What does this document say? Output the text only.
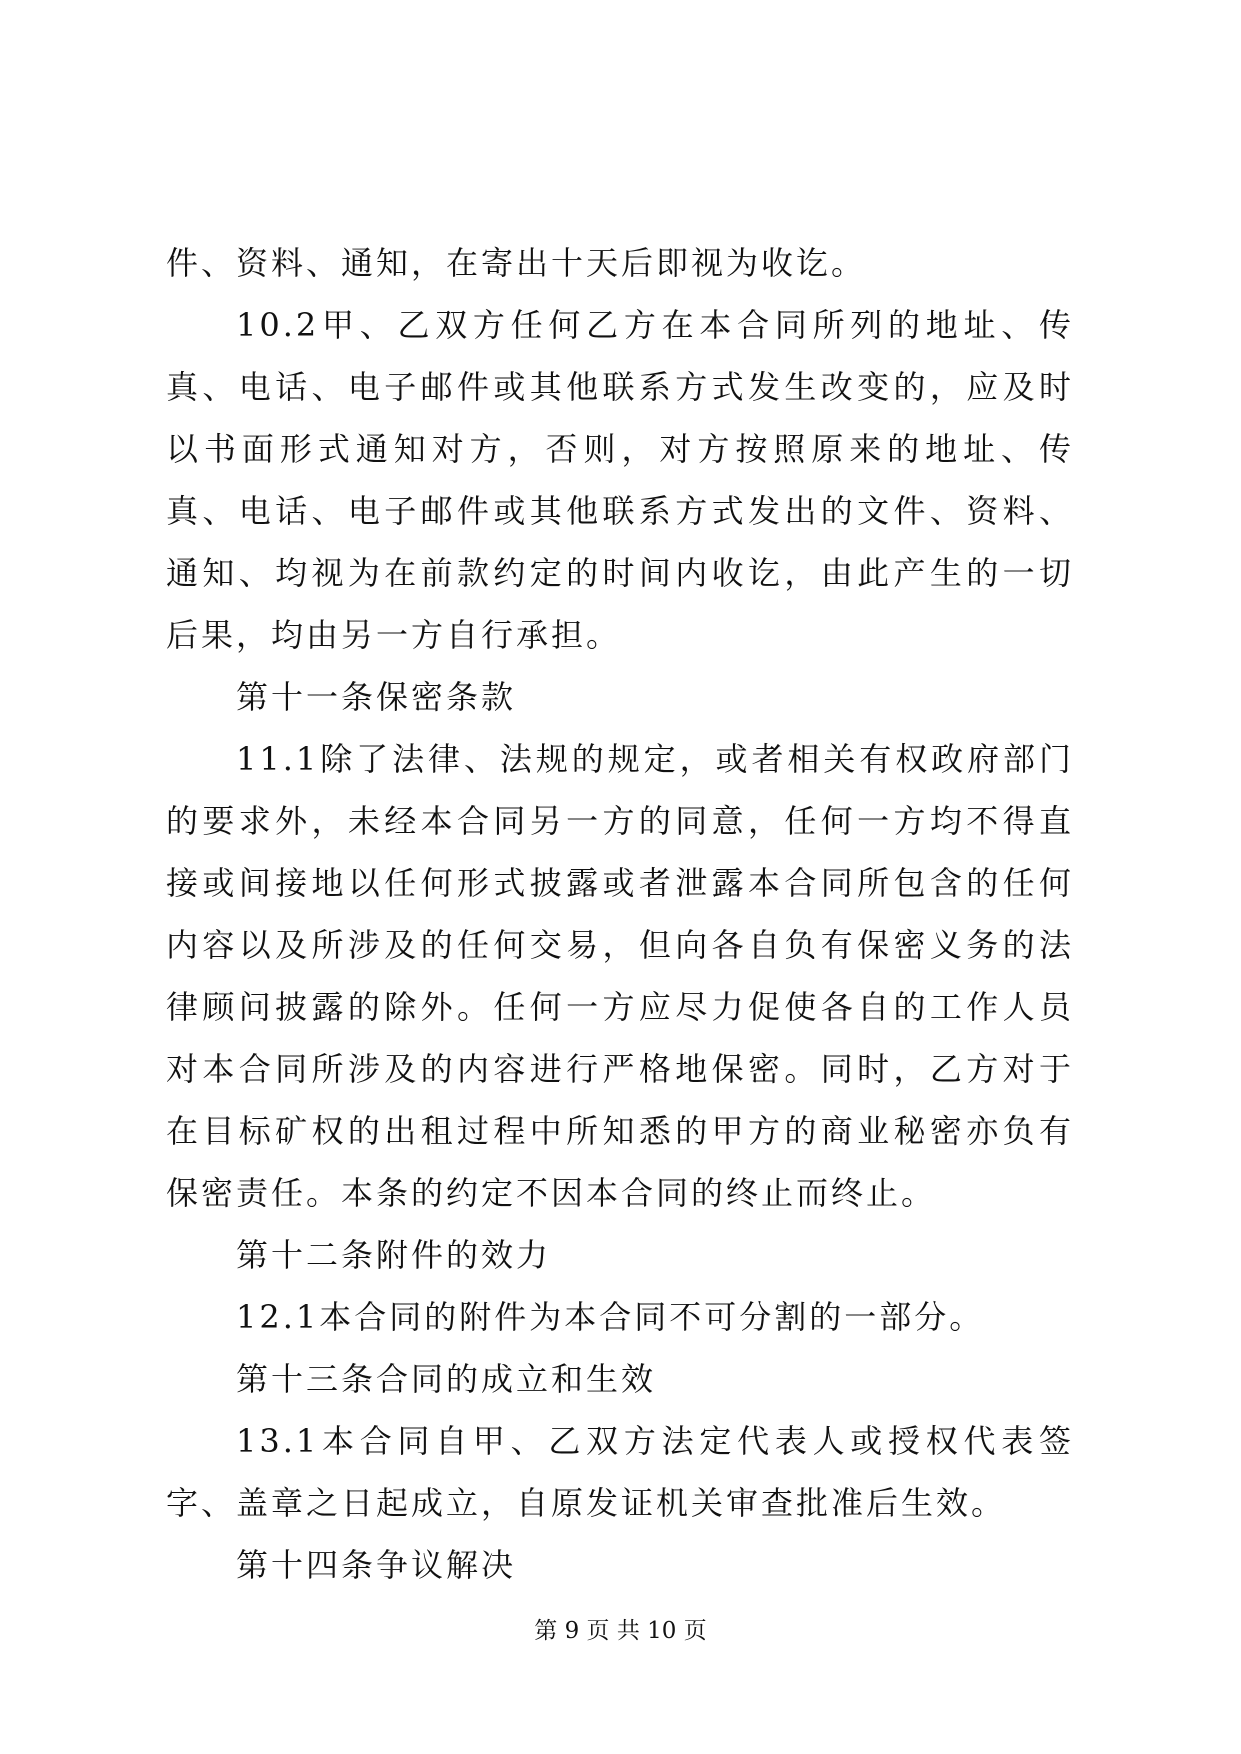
件、资料、通知，在寄出十天后即视为收讫。

10.2甲、乙双方任何乙方在本合同所列的地址、传真、电话、电子邮件或其他联系方式发生改变的，应及时以书面形式通知对方，否则，对方按照原来的地址、传真、电话、电子邮件或其他联系方式发出的文件、资料、通知、均视为在前款约定的时间内收讫，由此产生的一切后果，均由另一方自行承担。

第十一条保密条款

11.1除了法律、法规的规定，或者相关有权政府部门的要求外，未经本合同另一方的同意，任何一方均不得直接或间接地以任何形式披露或者泄露本合同所包含的任何内容以及所涉及的任何交易，但向各自负有保密义务的法律顾问披露的除外。任何一方应尽力促使各自的工作人员对本合同所涉及的内容进行严格地保密。同时，乙方对于在目标矿权的出租过程中所知悉的甲方的商业秘密亦负有保密责任。本条的约定不因本合同的终止而终止。

第十二条附件的效力

12.1本合同的附件为本合同不可分割的一部分。

第十三条合同的成立和生效

13.1本合同自甲、乙双方法定代表人或授权代表签字、盖章之日起成立，自原发证机关审查批准后生效。

第十四条争议解决

第 9 页 共 10 页
